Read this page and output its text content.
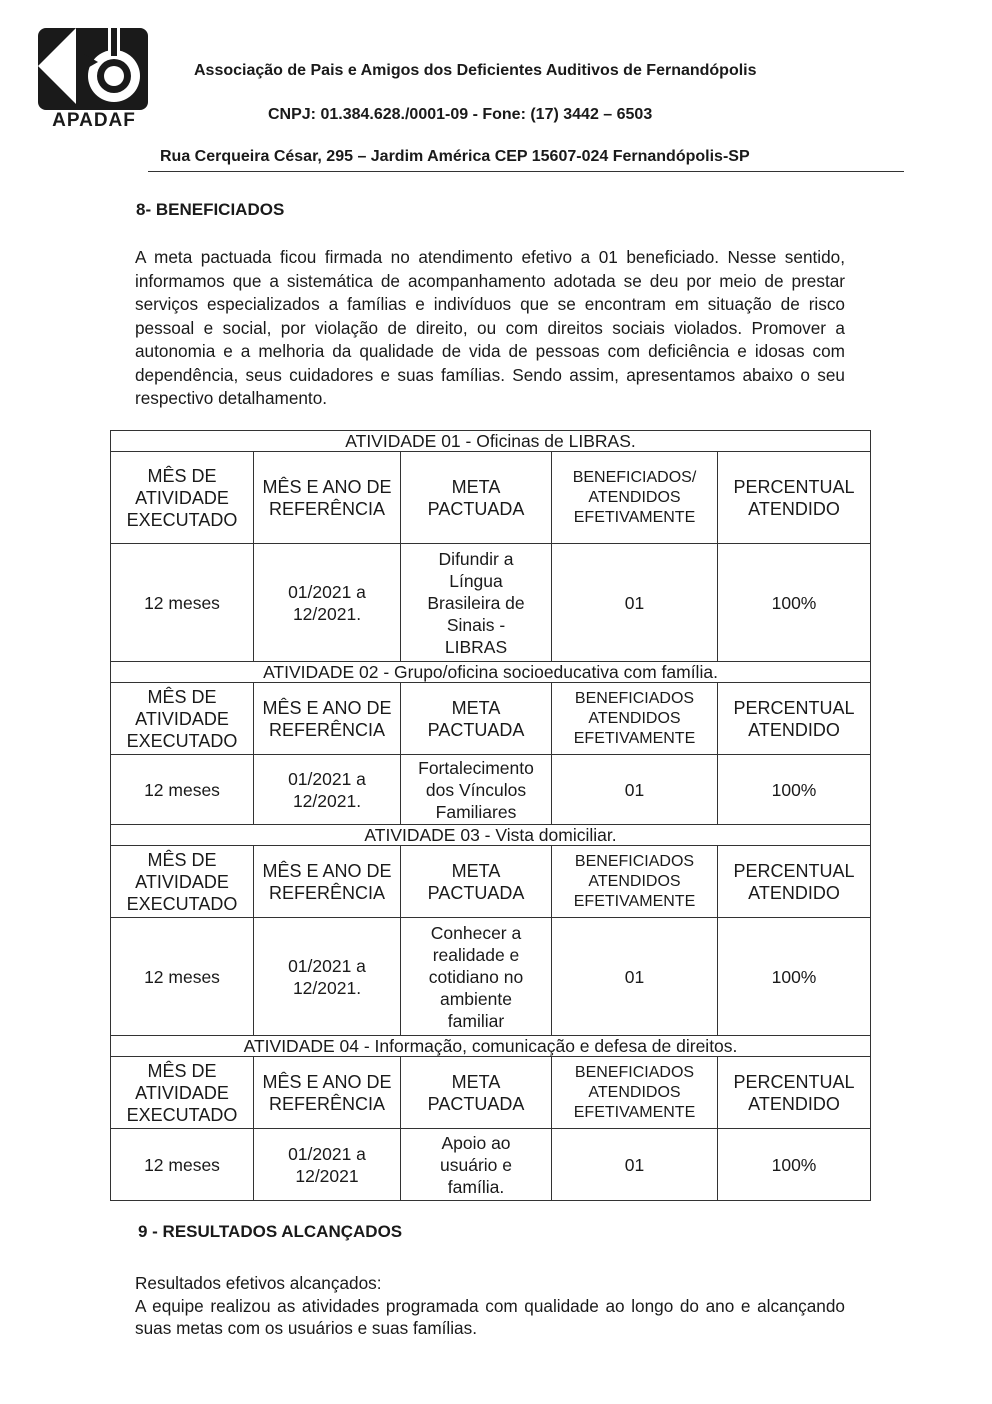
APADAF
Associação de Pais e Amigos dos Deficientes Auditivos de Fernandópolis
CNPJ: 01.384.628./0001-09 - Fone: (17) 3442 – 6503
Rua Cerqueira César, 295 – Jardim América CEP 15607-024 Fernandópolis-SP
8- BENEFICIADOS
A meta pactuada ficou firmada no atendimento efetivo a 01 beneficiado. Nesse sentido, informamos que a sistemática de acompanhamento adotada se deu por meio de prestar serviços especializados a famílias e indivíduos que se encontram em situação de risco pessoal e social, por violação de direito, ou com direitos sociais violados. Promover a autonomia e a melhoria da qualidade de vida de pessoas com deficiência e idosas com dependência, seus cuidadores e suas famílias. Sendo assim, apresentamos abaixo o seu respectivo detalhamento.
ATIVIDADE 01 - Oficinas de LIBRAS.				
MÊS DE ATIVIDADE EXECUTADO	MÊS E ANO DE REFERÊNCIA	META PACTUADA	BENEFICIADOS/ ATENDIDOS EFETIVAMENTE	PERCENTUAL ATENDIDO
12 meses	01/2021 a 12/2021.	Difundir a Língua Brasileira de Sinais - LIBRAS	01	100%
ATIVIDADE 02 - Grupo/oficina socioeducativa com família.				
MÊS DE ATIVIDADE EXECUTADO	MÊS E ANO DE REFERÊNCIA	META PACTUADA	BENEFICIADOS ATENDIDOS EFETIVAMENTE	PERCENTUAL ATENDIDO
12 meses	01/2021 a 12/2021.	Fortalecimento dos Vínculos Familiares	01	100%
ATIVIDADE 03 - Vista domiciliar.				
MÊS DE ATIVIDADE EXECUTADO	MÊS E ANO DE REFERÊNCIA	META PACTUADA	BENEFICIADOS ATENDIDOS EFETIVAMENTE	PERCENTUAL ATENDIDO
12 meses	01/2021 a 12/2021.	Conhecer a realidade e cotidiano no ambiente familiar	01	100%
ATIVIDADE 04 - Informação, comunicação e defesa de direitos.				
MÊS DE ATIVIDADE EXECUTADO	MÊS E ANO DE REFERÊNCIA	META PACTUADA	BENEFICIADOS ATENDIDOS EFETIVAMENTE	PERCENTUAL ATENDIDO
12 meses	01/2021 a 12/2021	Apoio ao usuário e família.	01	100%
9 - RESULTADOS ALCANÇADOS
Resultados efetivos alcançados:
A equipe realizou as atividades programada com qualidade ao longo do ano e alcançando suas metas com os usuários e suas famílias.
